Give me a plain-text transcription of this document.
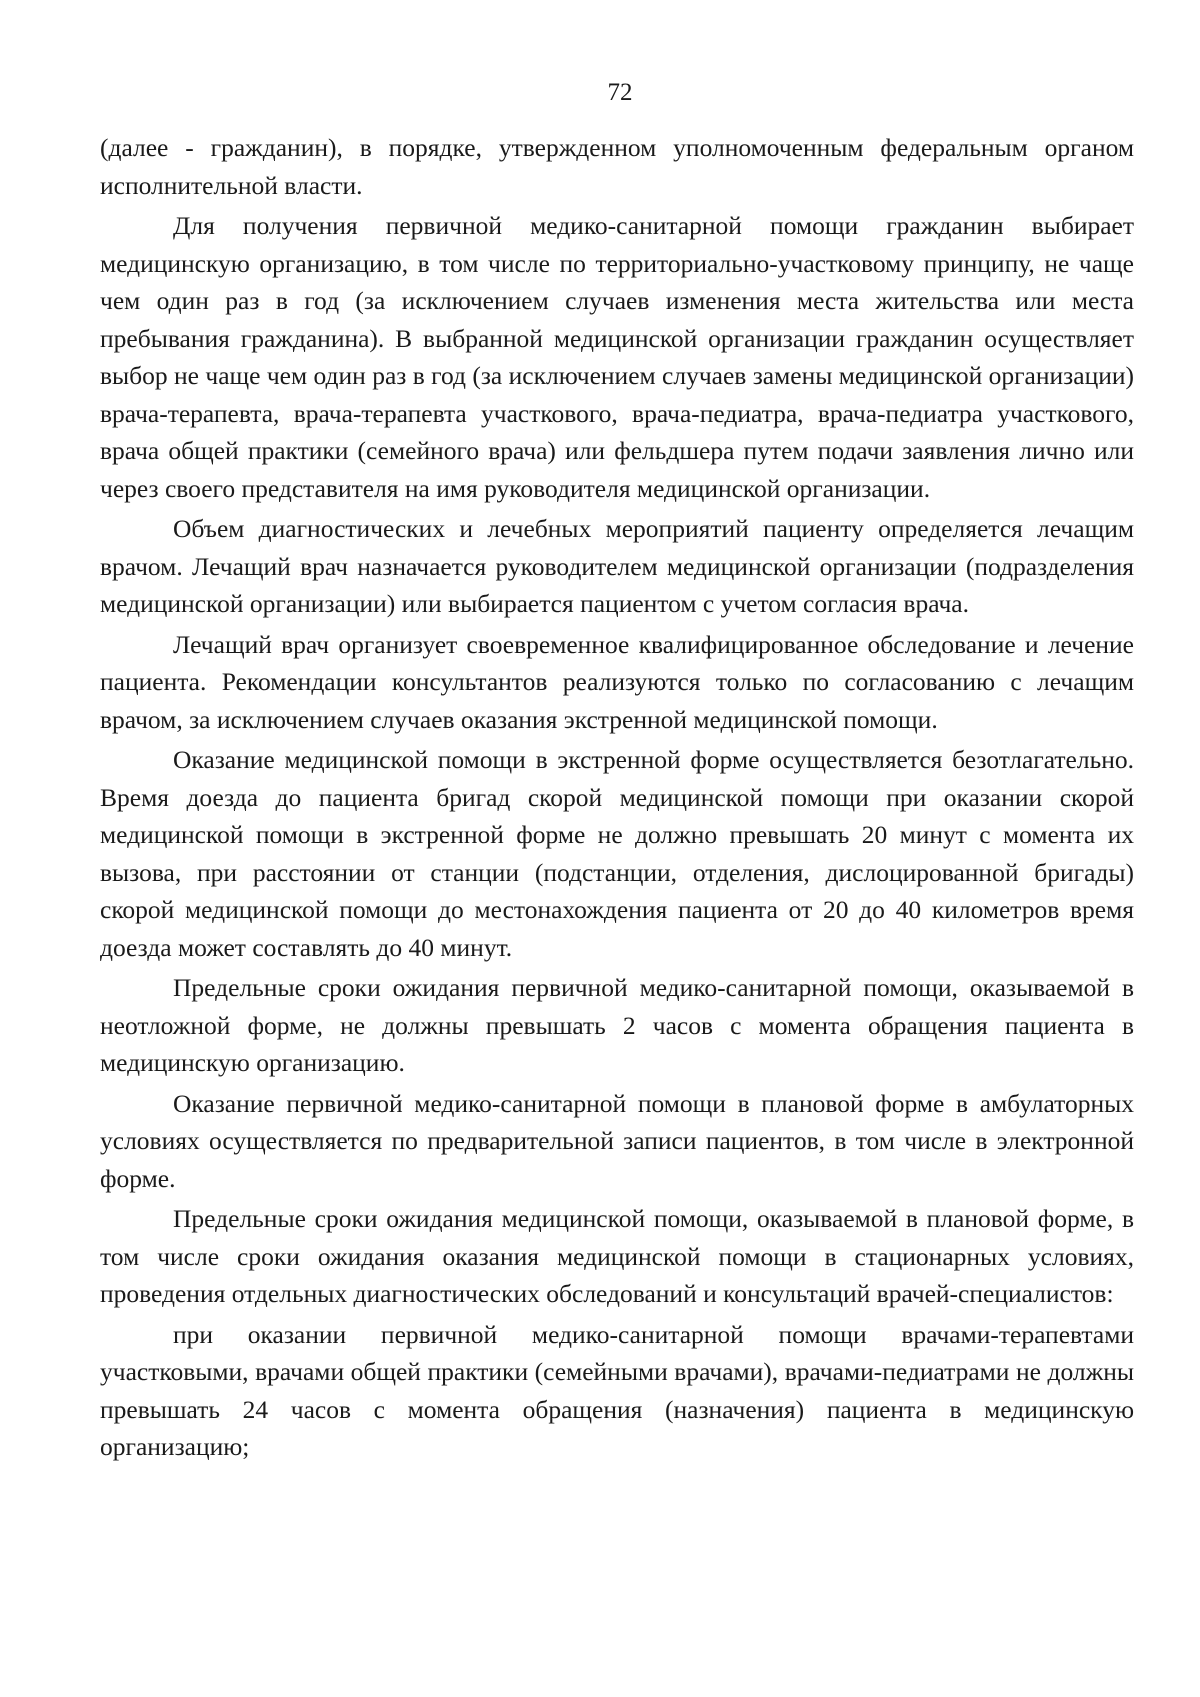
72

(далее - гражданин), в порядке, утвержденном уполномоченным федеральным органом исполнительной власти.

Для получения первичной медико-санитарной помощи гражданин выбирает медицинскую организацию, в том числе по территориально-участковому принципу, не чаще чем один раз в год (за исключением случаев изменения места жительства или места пребывания гражданина). В выбранной медицинской организации гражданин осуществляет выбор не чаще чем один раз в год (за исключением случаев замены медицинской организации) врача-терапевта, врача-терапевта участкового, врача-педиатра, врача-педиатра участкового, врача общей практики (семейного врача) или фельдшера путем подачи заявления лично или через своего представителя на имя руководителя медицинской организации.

Объем диагностических и лечебных мероприятий пациенту определяется лечащим врачом. Лечащий врач назначается руководителем медицинской организации (подразделения медицинской организации) или выбирается пациентом с учетом согласия врача.

Лечащий врач организует своевременное квалифицированное обследование и лечение пациента. Рекомендации консультантов реализуются только по согласованию с лечащим врачом, за исключением случаев оказания экстренной медицинской помощи.

Оказание медицинской помощи в экстренной форме осуществляется безотлагательно. Время доезда до пациента бригад скорой медицинской помощи при оказании скорой медицинской помощи в экстренной форме не должно превышать 20 минут с момента их вызова, при расстоянии от станции (подстанции, отделения, дислоцированной бригады) скорой медицинской помощи до местонахождения пациента от 20 до 40 километров время доезда может составлять до 40 минут.

Предельные сроки ожидания первичной медико-санитарной помощи, оказываемой в неотложной форме, не должны превышать 2 часов с момента обращения пациента в медицинскую организацию.

Оказание первичной медико-санитарной помощи в плановой форме в амбулаторных условиях осуществляется по предварительной записи пациентов, в том числе в электронной форме.

Предельные сроки ожидания медицинской помощи, оказываемой в плановой форме, в том числе сроки ожидания оказания медицинской помощи в стационарных условиях, проведения отдельных диагностических обследований и консультаций врачей-специалистов:

при оказании первичной медико-санитарной помощи врачами-терапевтами участковыми, врачами общей практики (семейными врачами), врачами-педиатрами не должны превышать 24 часов с момента обращения (назначения) пациента в медицинскую организацию;
